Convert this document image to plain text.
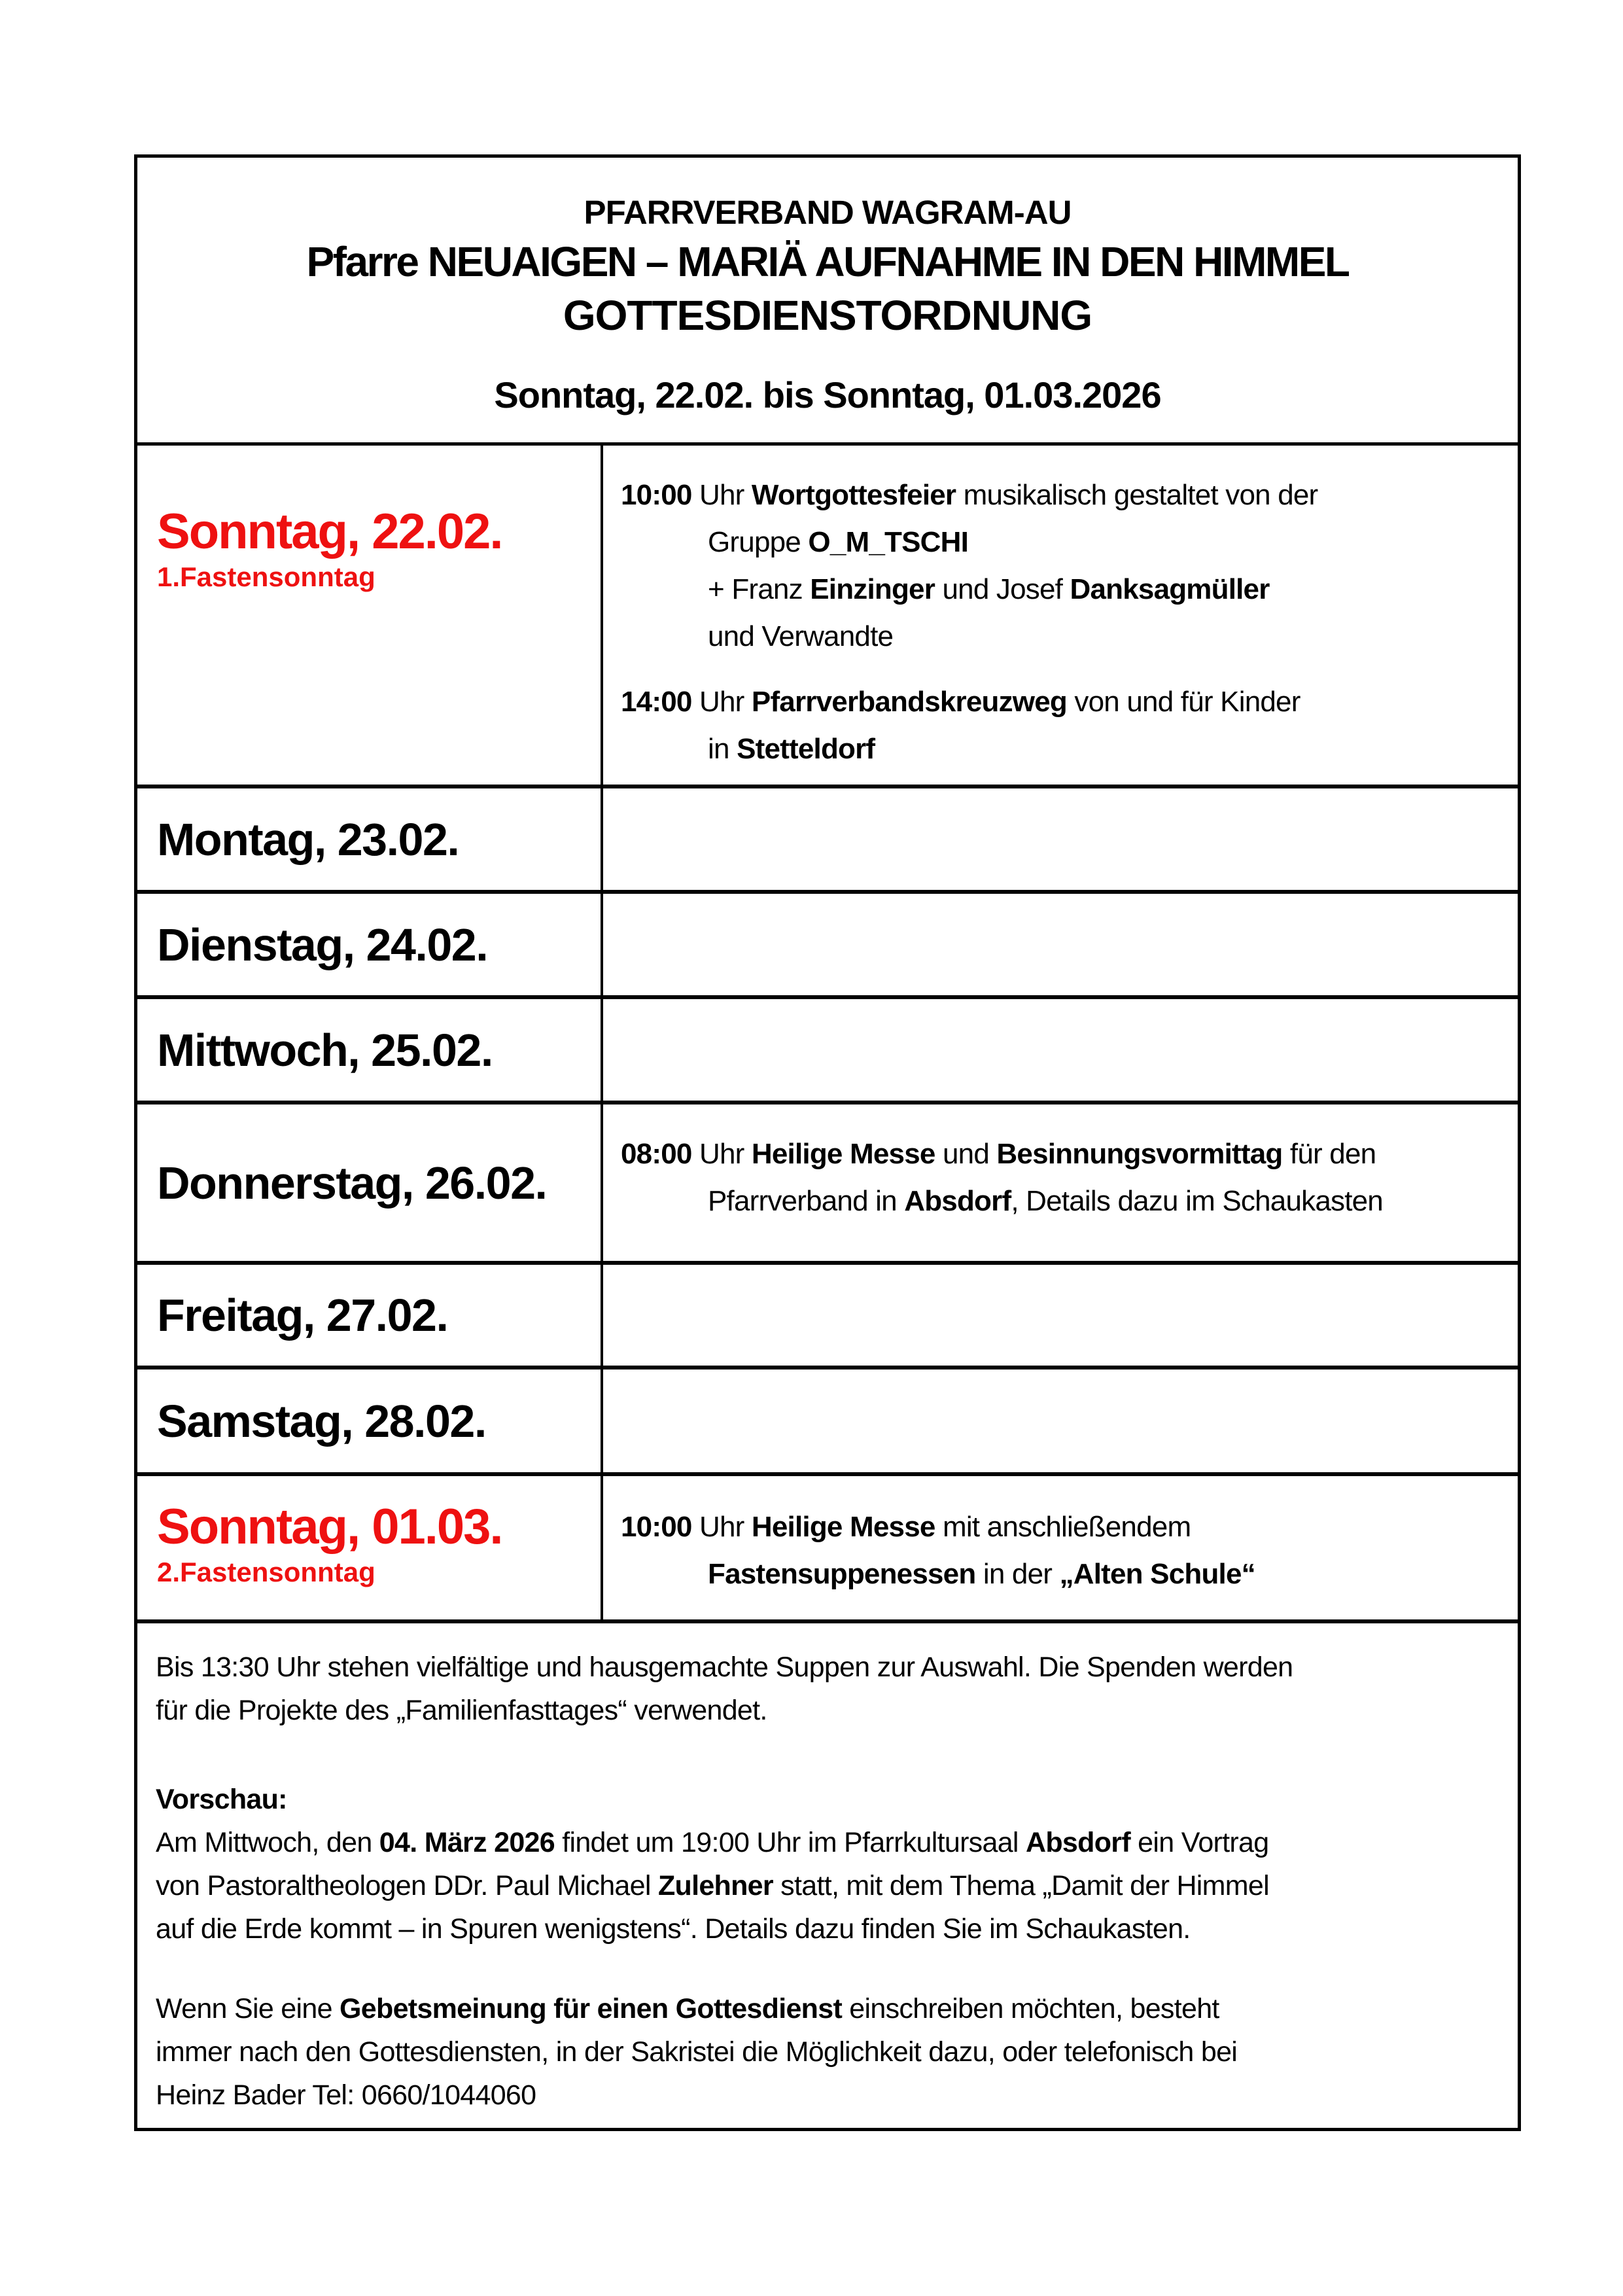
PFARRVERBAND WAGRAM-AU
Pfarre NEUAIGEN – MARIÄ AUFNAHME IN DEN HIMMEL
GOTTESDIENSTORDNUNG
Sonntag, 22.02. bis Sonntag, 01.03.2026
Sonntag, 22.02.
1.Fastensonntag
10:00 Uhr Wortgottesfeier musikalisch gestaltet von der
Gruppe O_M_TSCHI
+ Franz Einzinger und Josef Danksagmüller
und Verwandte
14:00 Uhr Pfarrverbandskreuzweg von und für Kinder
in Stetteldorf
Montag, 23.02.
Dienstag, 24.02.
Mittwoch, 25.02.
Donnerstag, 26.02.
08:00 Uhr Heilige Messe und Besinnungsvormittag für den
Pfarrverband in Absdorf, Details dazu im Schaukasten
Freitag, 27.02.
Samstag, 28.02.
Sonntag, 01.03.
2.Fastensonntag
10:00 Uhr Heilige Messe mit anschließendem
Fastensuppenessen in der „Alten Schule“
Bis 13:30 Uhr stehen vielfältige und hausgemachte Suppen zur Auswahl. Die Spenden werden
für die Projekte des „Familienfasttages“ verwendet.
Vorschau:
Am Mittwoch, den 04. März 2026 findet um 19:00 Uhr im Pfarrkultursaal Absdorf ein Vortrag
von Pastoraltheologen DDr. Paul Michael Zulehner statt, mit dem Thema „Damit der Himmel
auf die Erde kommt – in Spuren wenigstens“. Details dazu finden Sie im Schaukasten.
Wenn Sie eine Gebetsmeinung für einen Gottesdienst einschreiben möchten, besteht
immer nach den Gottesdiensten, in der Sakristei die Möglichkeit dazu, oder telefonisch bei
Heinz Bader Tel: 0660/1044060
